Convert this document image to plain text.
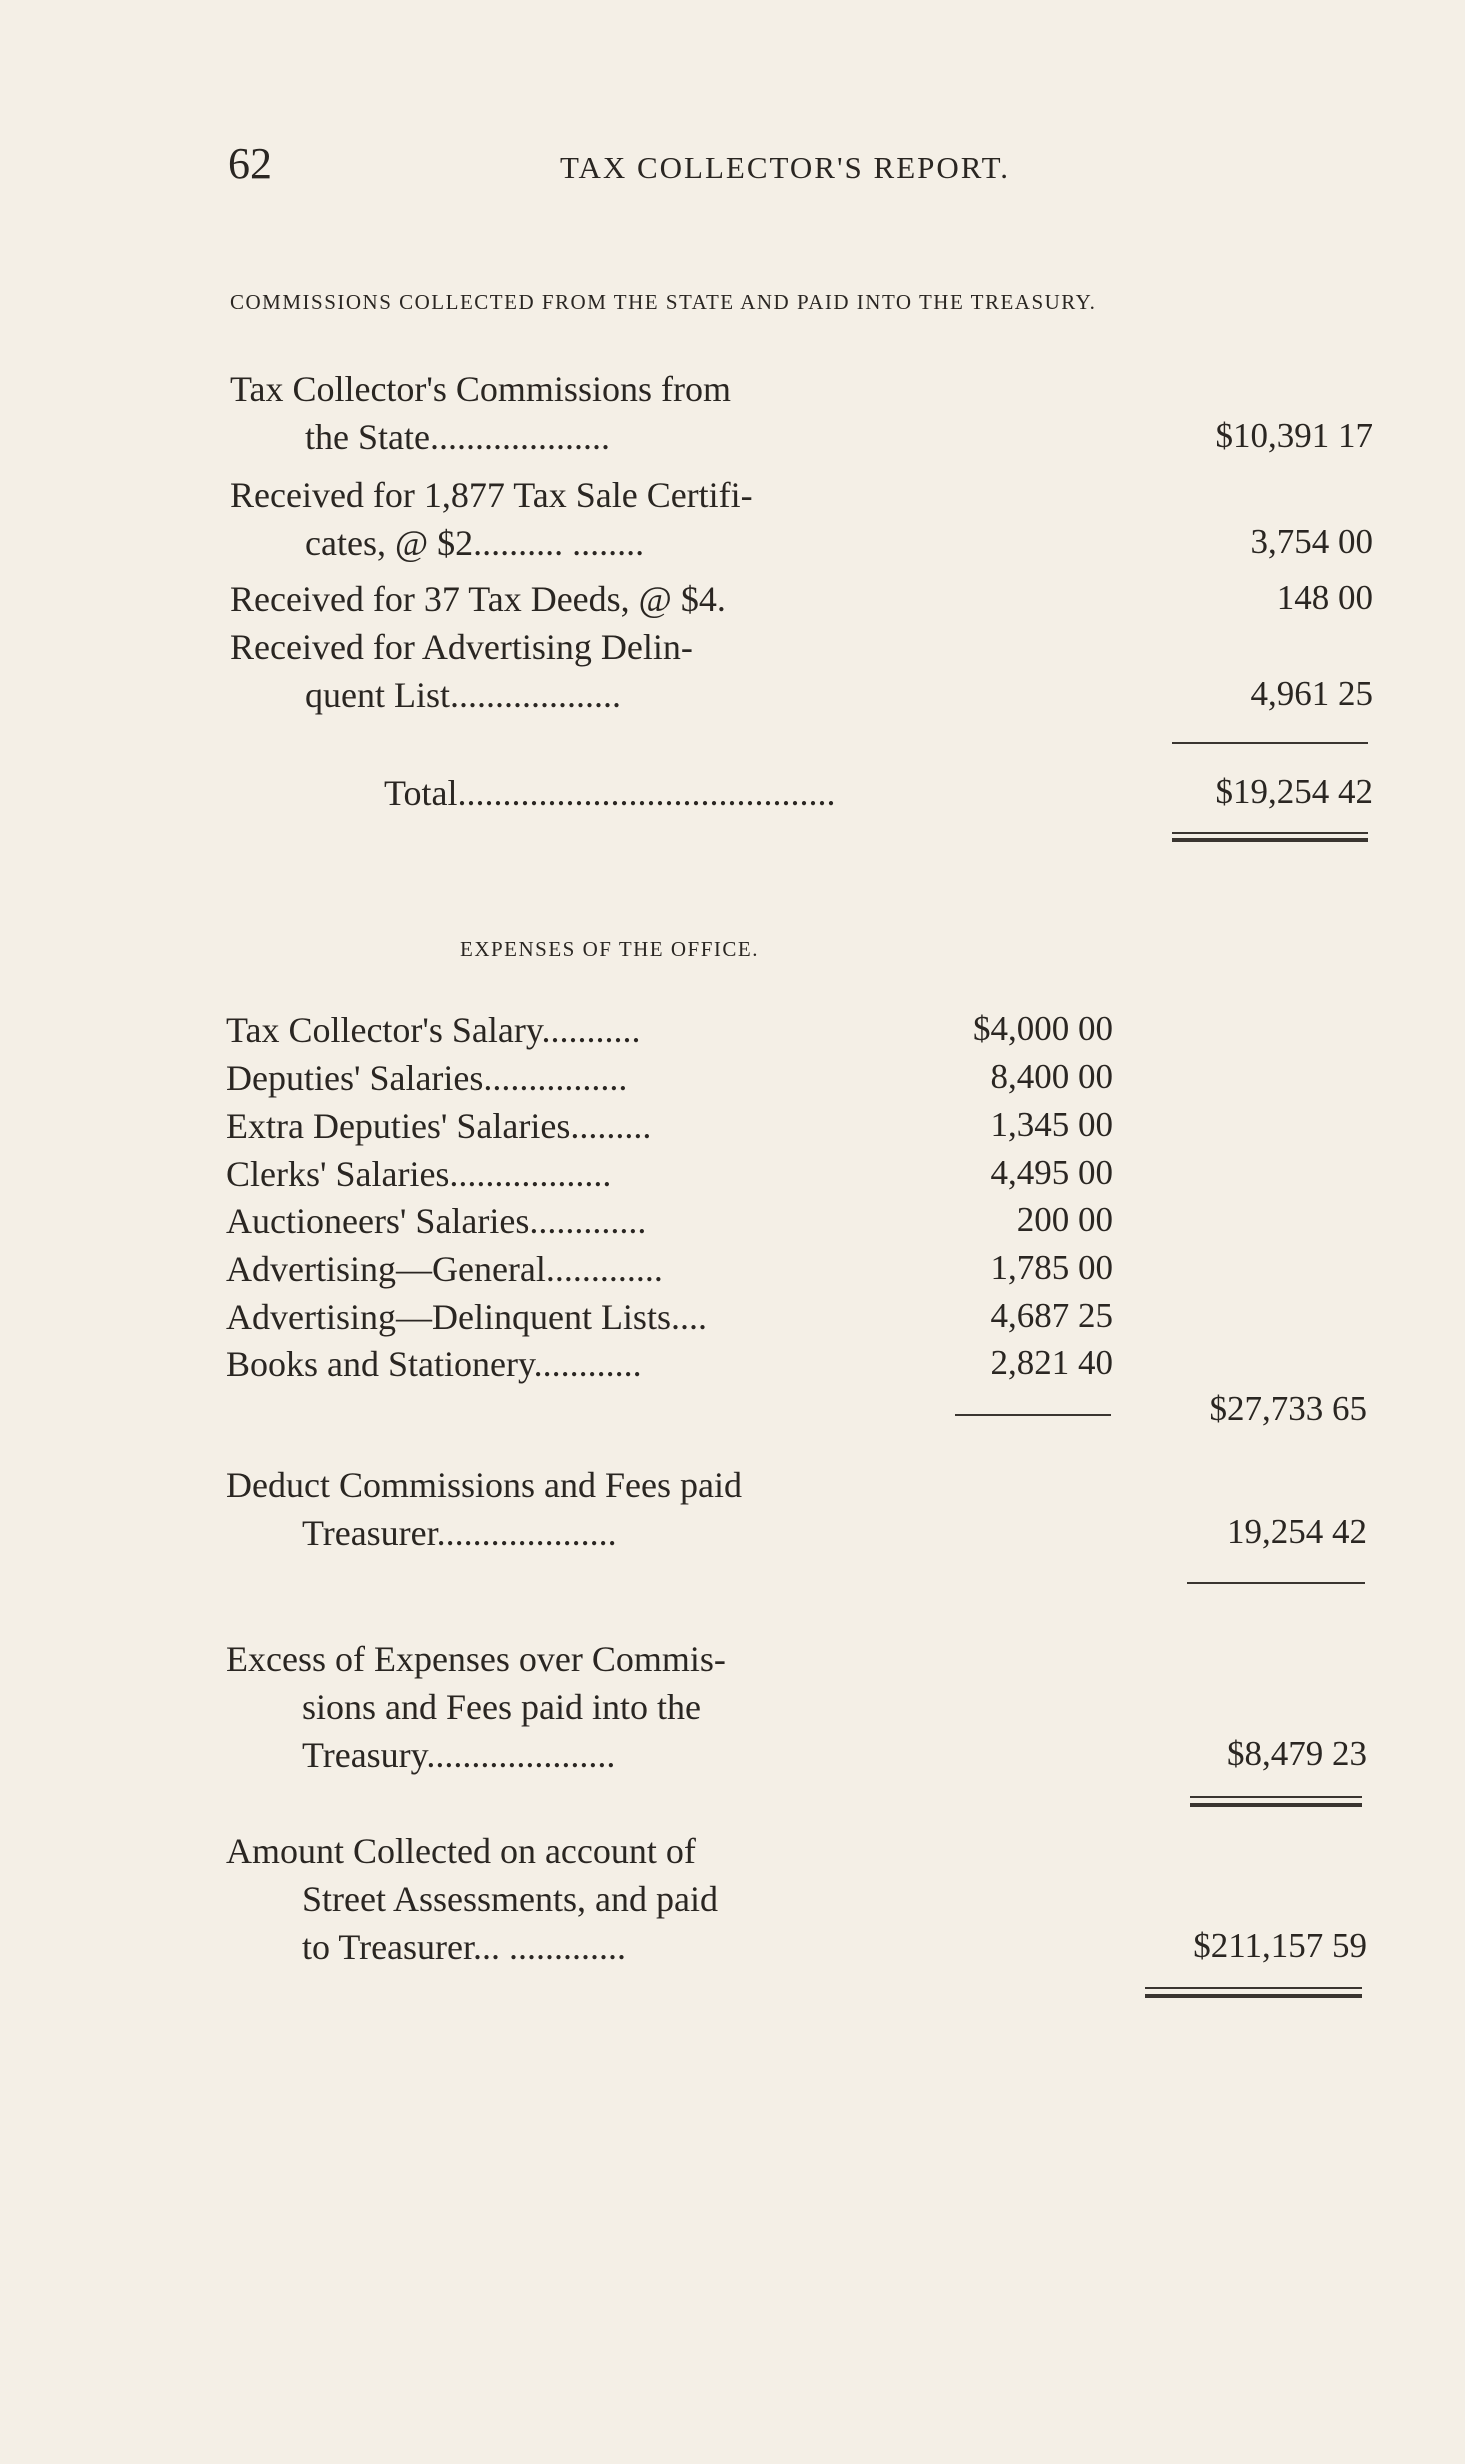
62	TAX COLLECTOR'S REPORT.
COMMISSIONS COLLECTED FROM THE STATE AND PAID INTO THE TREASURY.
Tax Collector's Commissions from
the State....................	$10,391 17
Received for 1,877 Tax Sale Certifi-
cates, @ $2.......... ........	3,754 00
Received for 37 Tax Deeds, @ $4.	148 00
Received for Advertising Delin-
quent List...................	4,961 25
Total..........................................	$19,254 42
EXPENSES OF THE OFFICE.
Tax Collector's Salary...........	$4,000 00
Deputies' Salaries................	8,400 00
Extra Deputies' Salaries.........	1,345 00
Clerks' Salaries..................	4,495 00
Auctioneers' Salaries.............	200 00
Advertising—General.............	1,785 00
Advertising—Delinquent Lists....	4,687 25
Books and Stationery............	2,821 40
$27,733 65
Deduct Commissions and Fees paid
Treasurer....................	19,254 42
Excess of Expenses over Commis-
sions and Fees paid into the
Treasury.....................	$8,479 23
Amount Collected on account of
Street Assessments, and paid
to Treasurer... .............	$211,157 59
